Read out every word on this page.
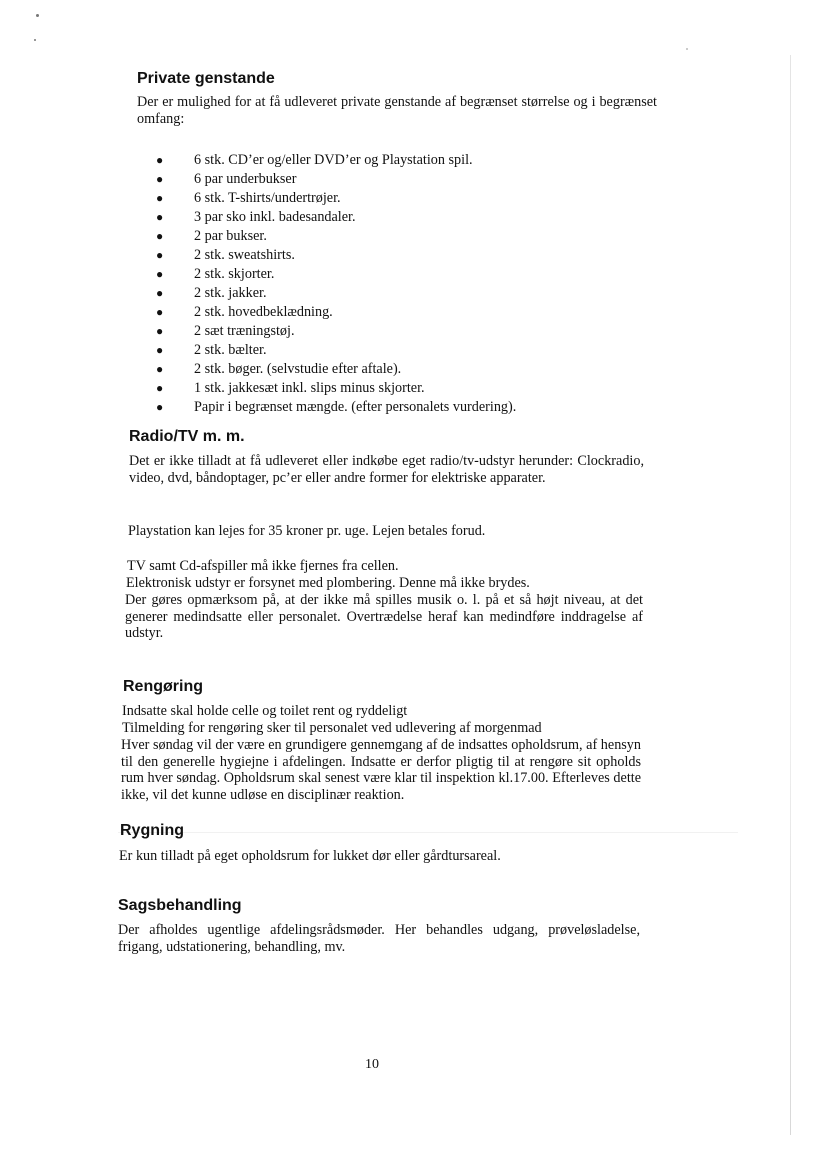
Private genstande

Der er mulighed for at få udleveret private genstande af begrænset størrelse og i begrænset omfang:

● 6 stk. CD’er og/eller DVD’er og Playstation spil.
● 6 par underbukser
● 6 stk. T-shirts/undertrøjer.
● 3 par sko inkl. badesandaler.
● 2 par bukser.
● 2 stk. sweatshirts.
● 2 stk. skjorter.
● 2 stk. jakker.
● 2 stk. hovedbeklædning.
● 2 sæt træningstøj.
● 2 stk. bælter.
● 2 stk. bøger. (selvstudie efter aftale).
● 1 stk. jakkesæt inkl. slips minus skjorter.
● Papir i begrænset mængde. (efter personalets vurdering).
Radio/TV m. m.

Det er ikke tilladt at få udleveret eller indkøbe eget radio/tv-udstyr herunder: Clockradio, video, dvd, båndoptager, pc’er eller andre former for elektriske apparater.

Playstation kan lejes for 35 kroner pr. uge. Lejen betales forud.

TV samt Cd-afspiller må ikke fjernes fra cellen.

Elektronisk udstyr er forsynet med plombering. Denne må ikke brydes.

Der gøres opmærksom på, at der ikke må spilles musik o. l. på et så højt niveau, at det generer medindsatte eller personalet. Overtrædelse heraf kan medindføre inddragelse af udstyr.

Rengøring

Indsatte skal holde celle og toilet rent og ryddeligt

Tilmelding for rengøring sker til personalet ved udlevering af morgenmad

Hver søndag vil der være en grundigere gennemgang af de indsattes opholdsrum, af hensyn til den generelle hygiejne i afdelingen. Indsatte er derfor pligtig til at rengøre sit opholds rum hver søndag. Opholdsrum skal senest være klar til inspektion kl.17.00. Efterleves dette ikke, vil det kunne udløse en disciplinær reaktion.

Rygning

Er kun tilladt på eget opholdsrum for lukket dør eller gårdtursareal.

Sagsbehandling

Der afholdes ugentlige afdelingsrådsmøder. Her behandles udgang, prøveløsladelse, frigang, udstationering, behandling, mv.

10
